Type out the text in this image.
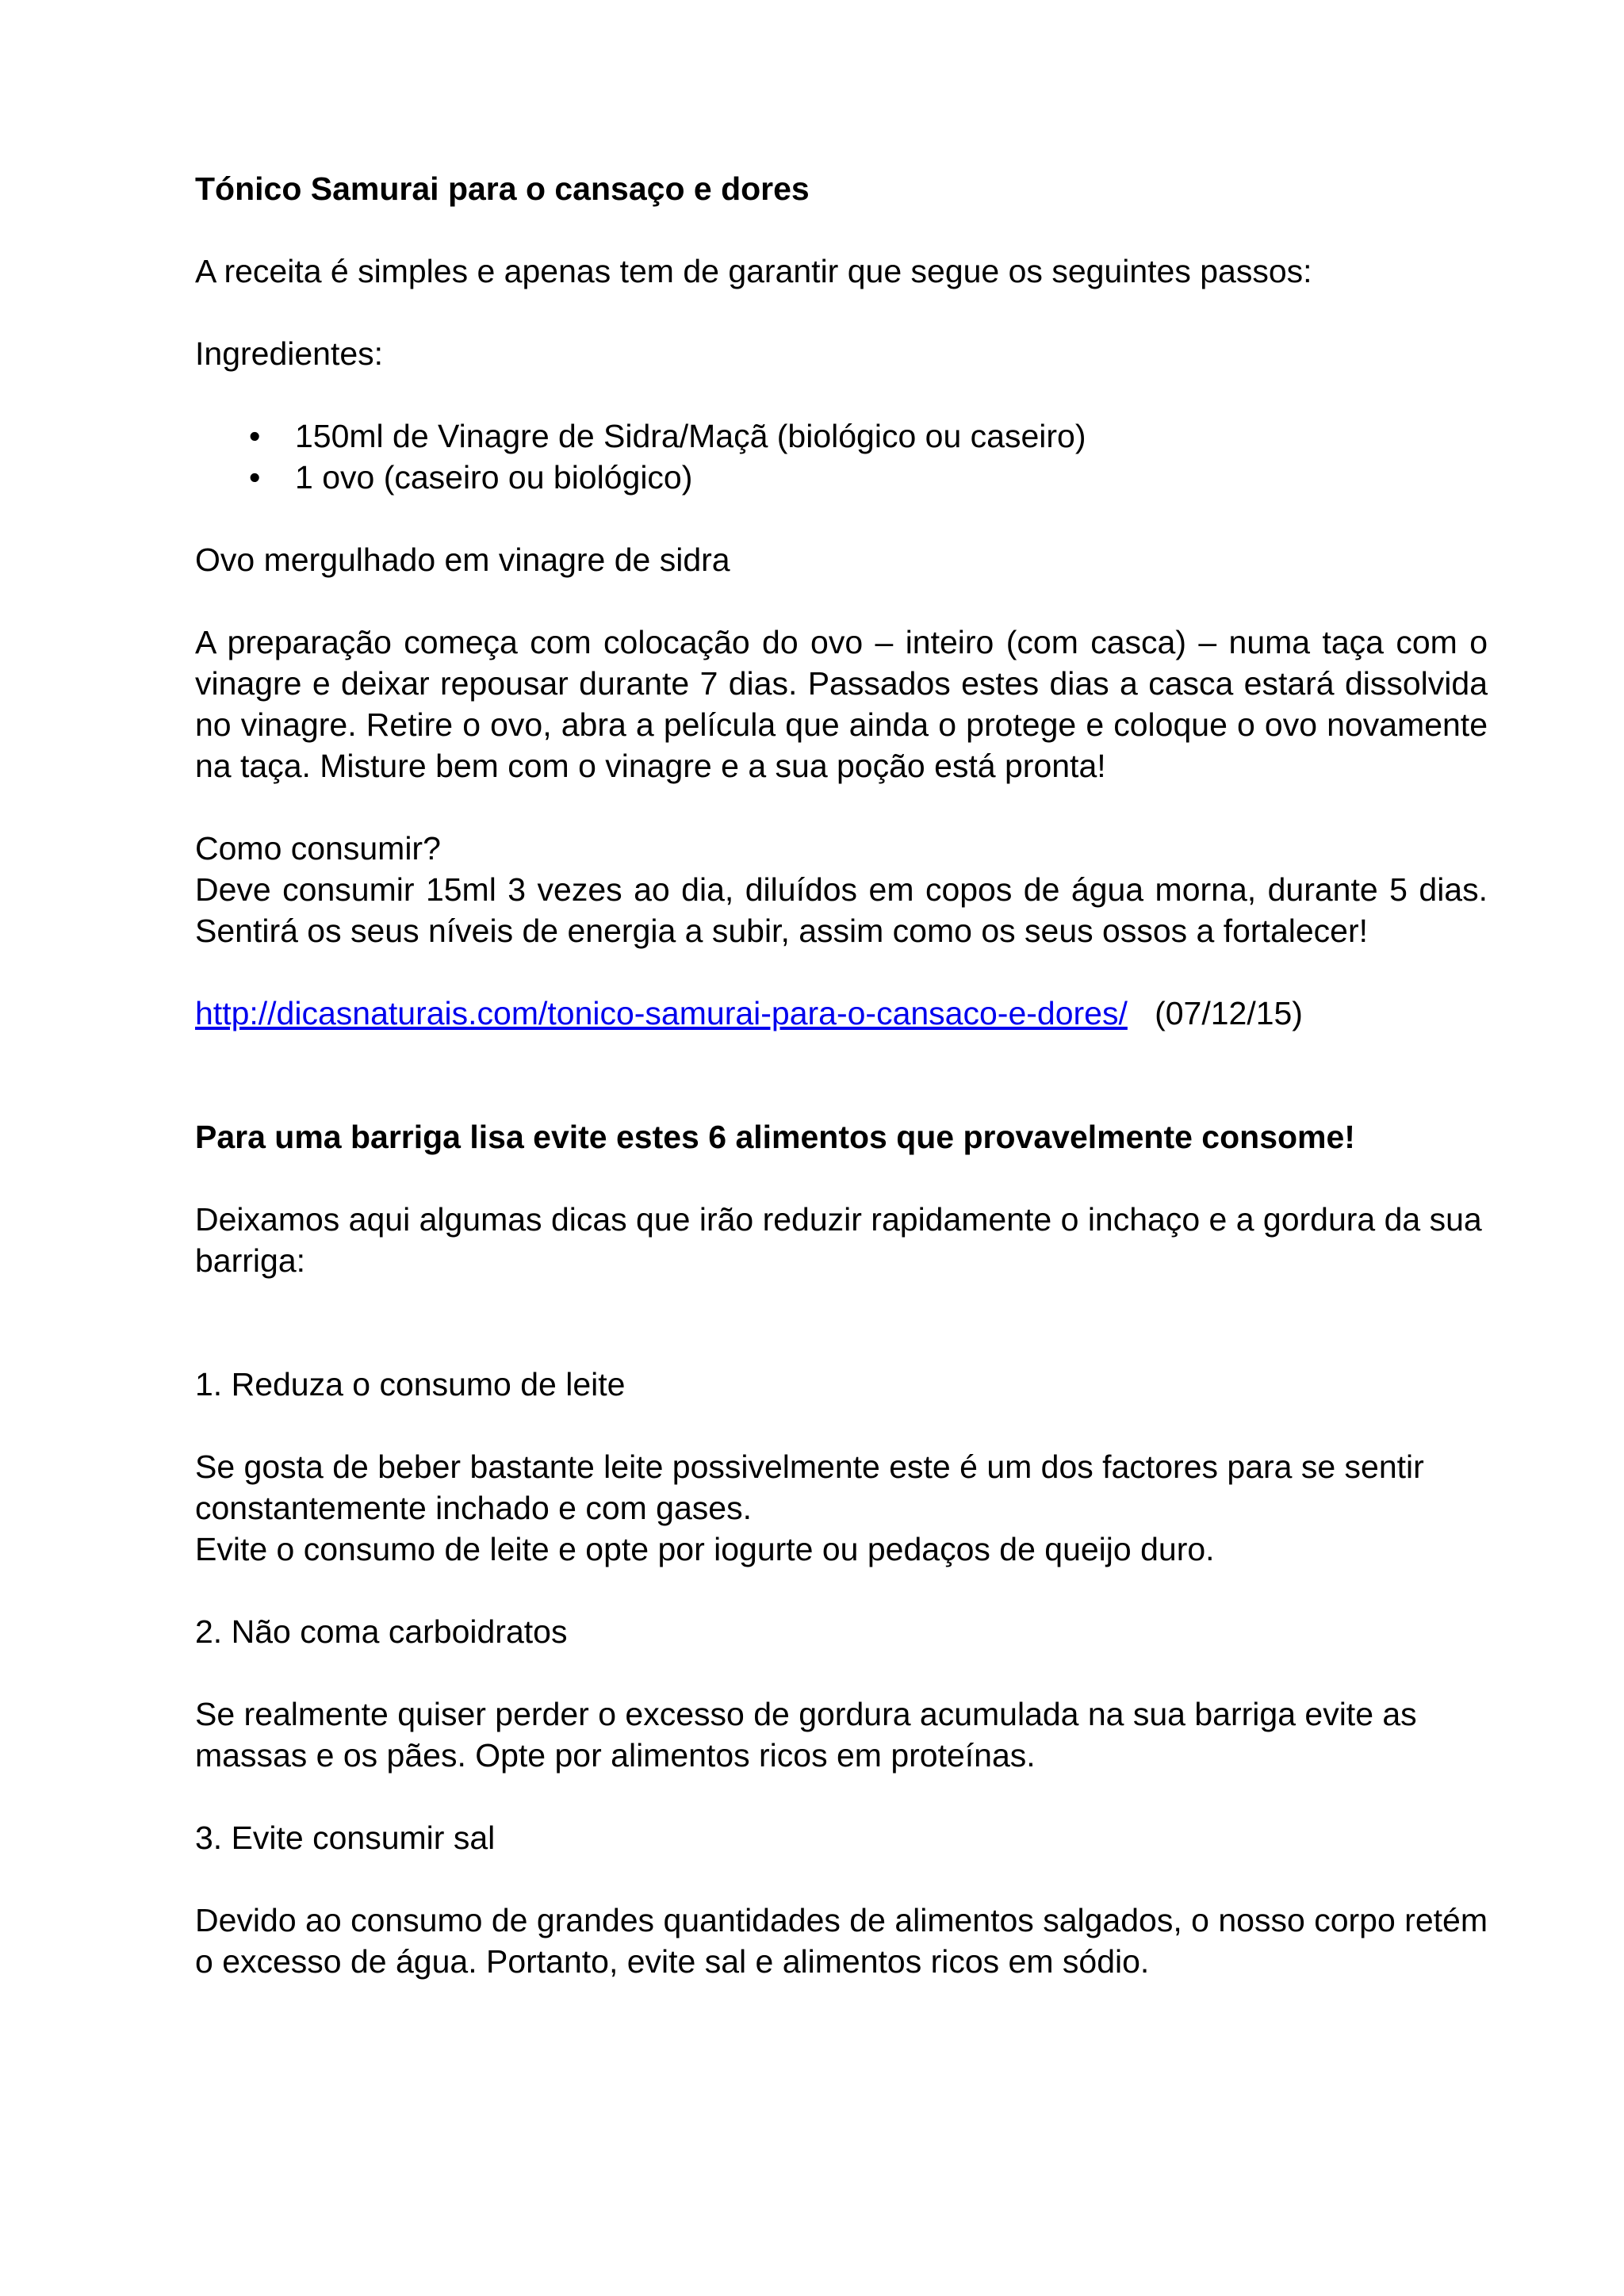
Tónico Samurai para o cansaço e dores

A receita é simples e apenas tem de garantir que segue os seguintes passos:

Ingredientes:

• 150ml de Vinagre de Sidra/Maçã (biológico ou caseiro)
• 1 ovo (caseiro ou biológico)

Ovo mergulhado em vinagre de sidra

A preparação começa com colocação do ovo – inteiro (com casca) – numa taça com o vinagre e deixar repousar durante 7 dias. Passados estes dias a casca estará dissolvida no vinagre. Retire o ovo, abra a película que ainda o protege e coloque o ovo novamente na taça. Misture bem com o vinagre e a sua poção está pronta!

Como consumir?

Deve consumir 15ml 3 vezes ao dia, diluídos em copos de água morna, durante 5 dias. Sentirá os seus níveis de energia a subir, assim como os seus ossos a fortalecer!

http://dicasnaturais.com/tonico-samurai-para-o-cansaco-e-dores/ (07/12/15)

Para uma barriga lisa evite estes 6 alimentos que provavelmente consome!

Deixamos aqui algumas dicas que irão reduzir rapidamente o inchaço e a gordura da sua barriga:

1. Reduza o consumo de leite

Se gosta de beber bastante leite possivelmente este é um dos factores para se sentir constantemente inchado e com gases.

Evite o consumo de leite e opte por iogurte ou pedaços de queijo duro.

2. Não coma carboidratos

Se realmente quiser perder o excesso de gordura acumulada na sua barriga evite as massas e os pães. Opte por alimentos ricos em proteínas.

3. Evite consumir sal

Devido ao consumo de grandes quantidades de alimentos salgados, o nosso corpo retém o excesso de água. Portanto, evite sal e alimentos ricos em sódio.
